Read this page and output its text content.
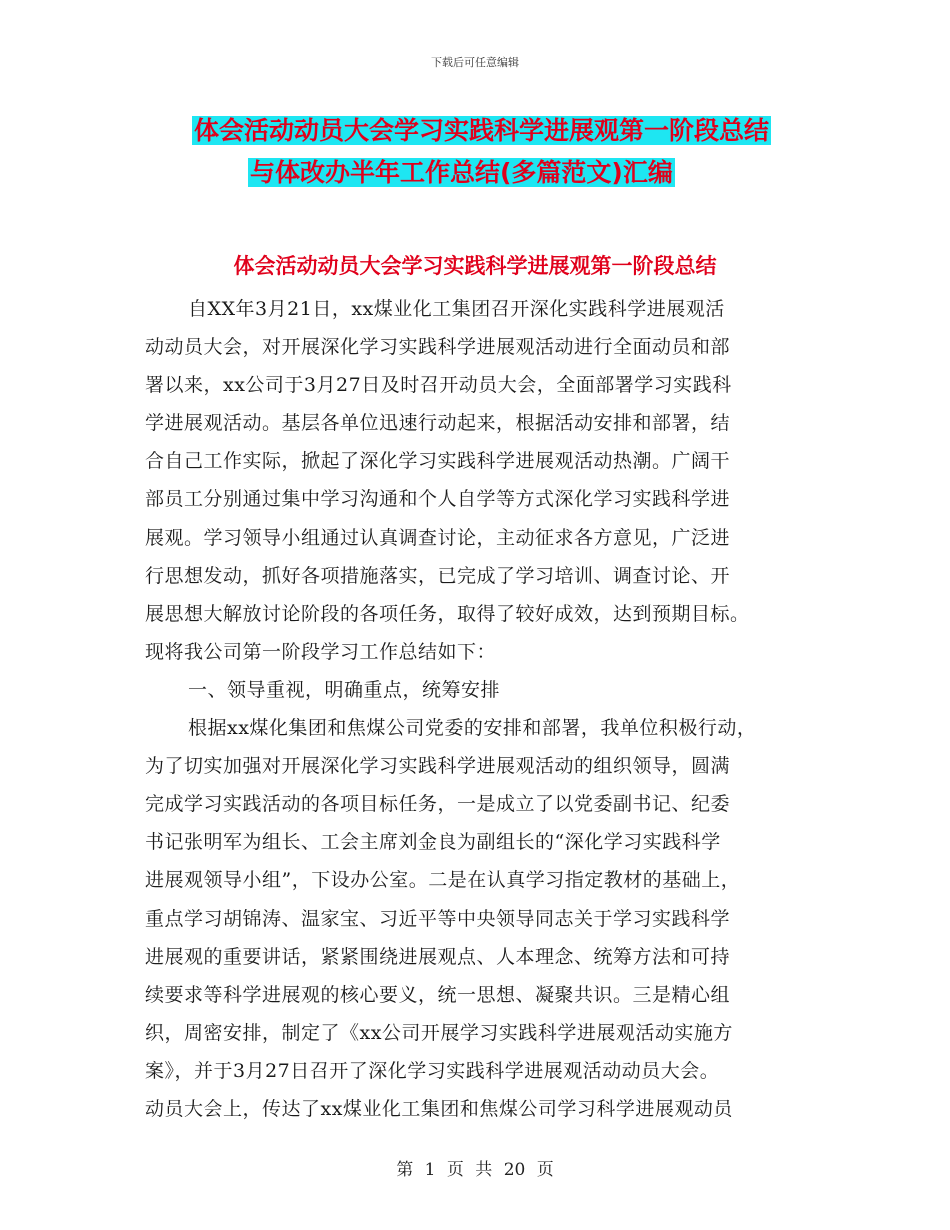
下载后可任意编辑
体会活动动员大会学习实践科学进展观第一阶段总结
与体改办半年工作总结(多篇范文)汇编
体会活动动员大会学习实践科学进展观第一阶段总结
自XX年3月21日，xx煤业化工集团召开深化实践科学进展观活
动动员大会，对开展深化学习实践科学进展观活动进行全面动员和部
署以来，xx公司于3月27日及时召开动员大会，全面部署学习实践科
学进展观活动。基层各单位迅速行动起来，根据活动安排和部署，结
合自己工作实际，掀起了深化学习实践科学进展观活动热潮。广阔干
部员工分别通过集中学习沟通和个人自学等方式深化学习实践科学进
展观。学习领导小组通过认真调查讨论，主动征求各方意见，广泛进
行思想发动，抓好各项措施落实，已完成了学习培训、调查讨论、开
展思想大解放讨论阶段的各项任务，取得了较好成效，达到预期目标。
现将我公司第一阶段学习工作总结如下：
一、领导重视，明确重点，统筹安排
根据xx煤化集团和焦煤公司党委的安排和部署，我单位积极行动，
为了切实加强对开展深化学习实践科学进展观活动的组织领导，圆满
完成学习实践活动的各项目标任务，一是成立了以党委副书记、纪委
书记张明军为组长、工会主席刘金良为副组长的“深化学习实践科学
进展观领导小组”，下设办公室。二是在认真学习指定教材的基础上，
重点学习胡锦涛、温家宝、习近平等中央领导同志关于学习实践科学
进展观的重要讲话，紧紧围绕进展观点、人本理念、统筹方法和可持
续要求等科学进展观的核心要义，统一思想、凝聚共识。三是精心组
织，周密安排，制定了《xx公司开展学习实践科学进展观活动实施方
案》，并于3月27日召开了深化学习实践科学进展观活动动员大会。
动员大会上，传达了xx煤业化工集团和焦煤公司学习科学进展观动员
第 1 页 共 20 页
